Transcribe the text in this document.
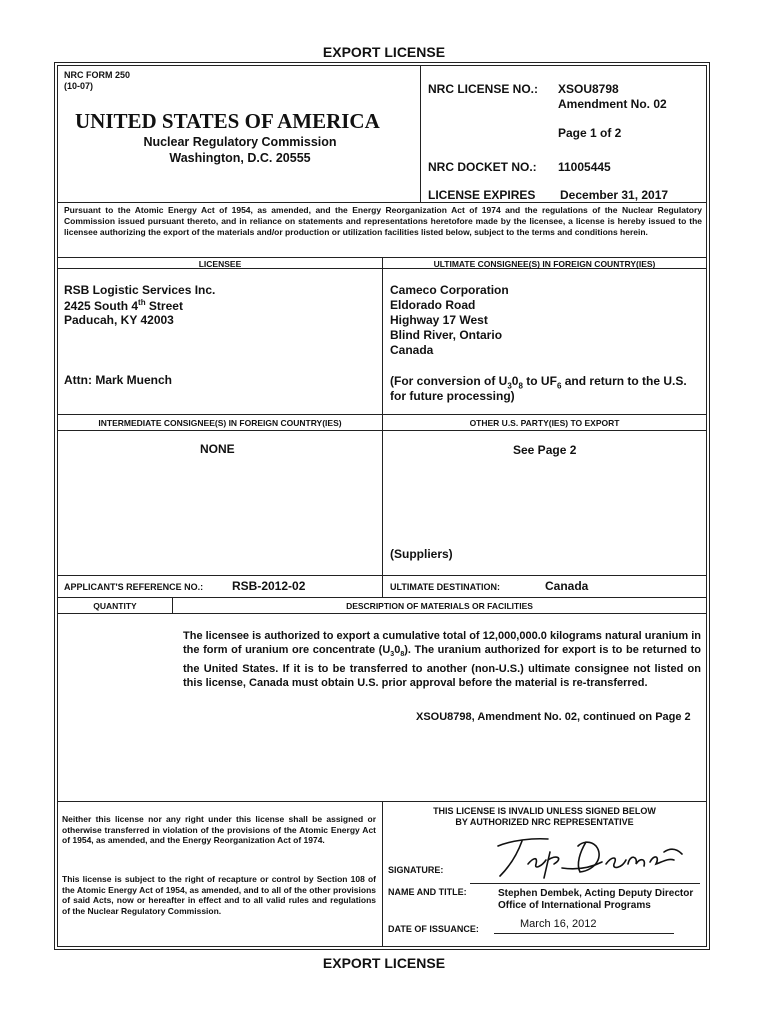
EXPORT LICENSE
NRC FORM 250
(10-07)
UNITED STATES OF AMERICA
Nuclear Regulatory Commission
Washington, D.C. 20555
NRC LICENSE NO.: XSOU8798
Amendment No. 02
Page 1 of 2
NRC DOCKET NO.: 11005445
LICENSE EXPIRES December 31, 2017
Pursuant to the Atomic Energy Act of 1954, as amended, and the Energy Reorganization Act of 1974 and the regulations of the Nuclear Regulatory Commission issued pursuant thereto, and in reliance on statements and representations heretofore made by the licensee, a license is hereby issued to the licensee authorizing the export of the materials and/or production or utilization facilities listed below, subject to the terms and conditions herein.
LICENSEE	ULTIMATE CONSIGNEE(S) IN FOREIGN COUNTRY(IES)
RSB Logistic Services Inc.
2425 South 4th Street
Paducah, KY 42003
Attn: Mark Muench
Cameco Corporation
Eldorado Road
Highway 17 West
Blind River, Ontario
Canada
(For conversion of $U_30_8$ to $UF_6$ and return to the U.S.
for future processing)
INTERMEDIATE CONSIGNEE(S) IN FOREIGN COUNTRY(IES)	OTHER U.S. PARTY(IES) TO EXPORT
NONE	See Page 2
(Suppliers)
APPLICANT'S REFERENCE NO.: RSB-2012-02	ULTIMATE DESTINATION:	Canada
QUANTITY	DESCRIPTION OF MATERIALS OR FACILITIES
The licensee is authorized to export a cumulative total of 12,000,000.0 kilograms natural uranium in the form of uranium ore concentrate $(U_30_8)$. The uranium authorized for export is to be returned to the United States. If it is to be transferred to another (non-U.S.) ultimate consignee not listed on this license, Canada must obtain U.S. prior approval before the material is re-transferred.
XSOU8798, Amendment No. 02, continued on Page 2
Neither this license nor any right under this license shall be assigned or otherwise transferred in violation of the provisions of the Atomic Energy Act of 1954, as amended, and the Energy Reorganization Act of 1974.
This license is subject to the right of recapture or control by Section 108 of the Atomic Energy Act of 1954, as amended, and to all of the other provisions of said Acts, now or hereafter in effect and to all valid rules and regulations of the Nuclear Regulatory Commission.
THIS LICENSE IS INVALID UNLESS SIGNED BELOW
BY AUTHORIZED NRC REPRESENTATIVE
SIGNATURE:
NAME AND TITLE:	Stephen Dembek, Acting Deputy Director
Office of International Programs
DATE OF ISSUANCE:	March 16, 2012
EXPORT LICENSE
